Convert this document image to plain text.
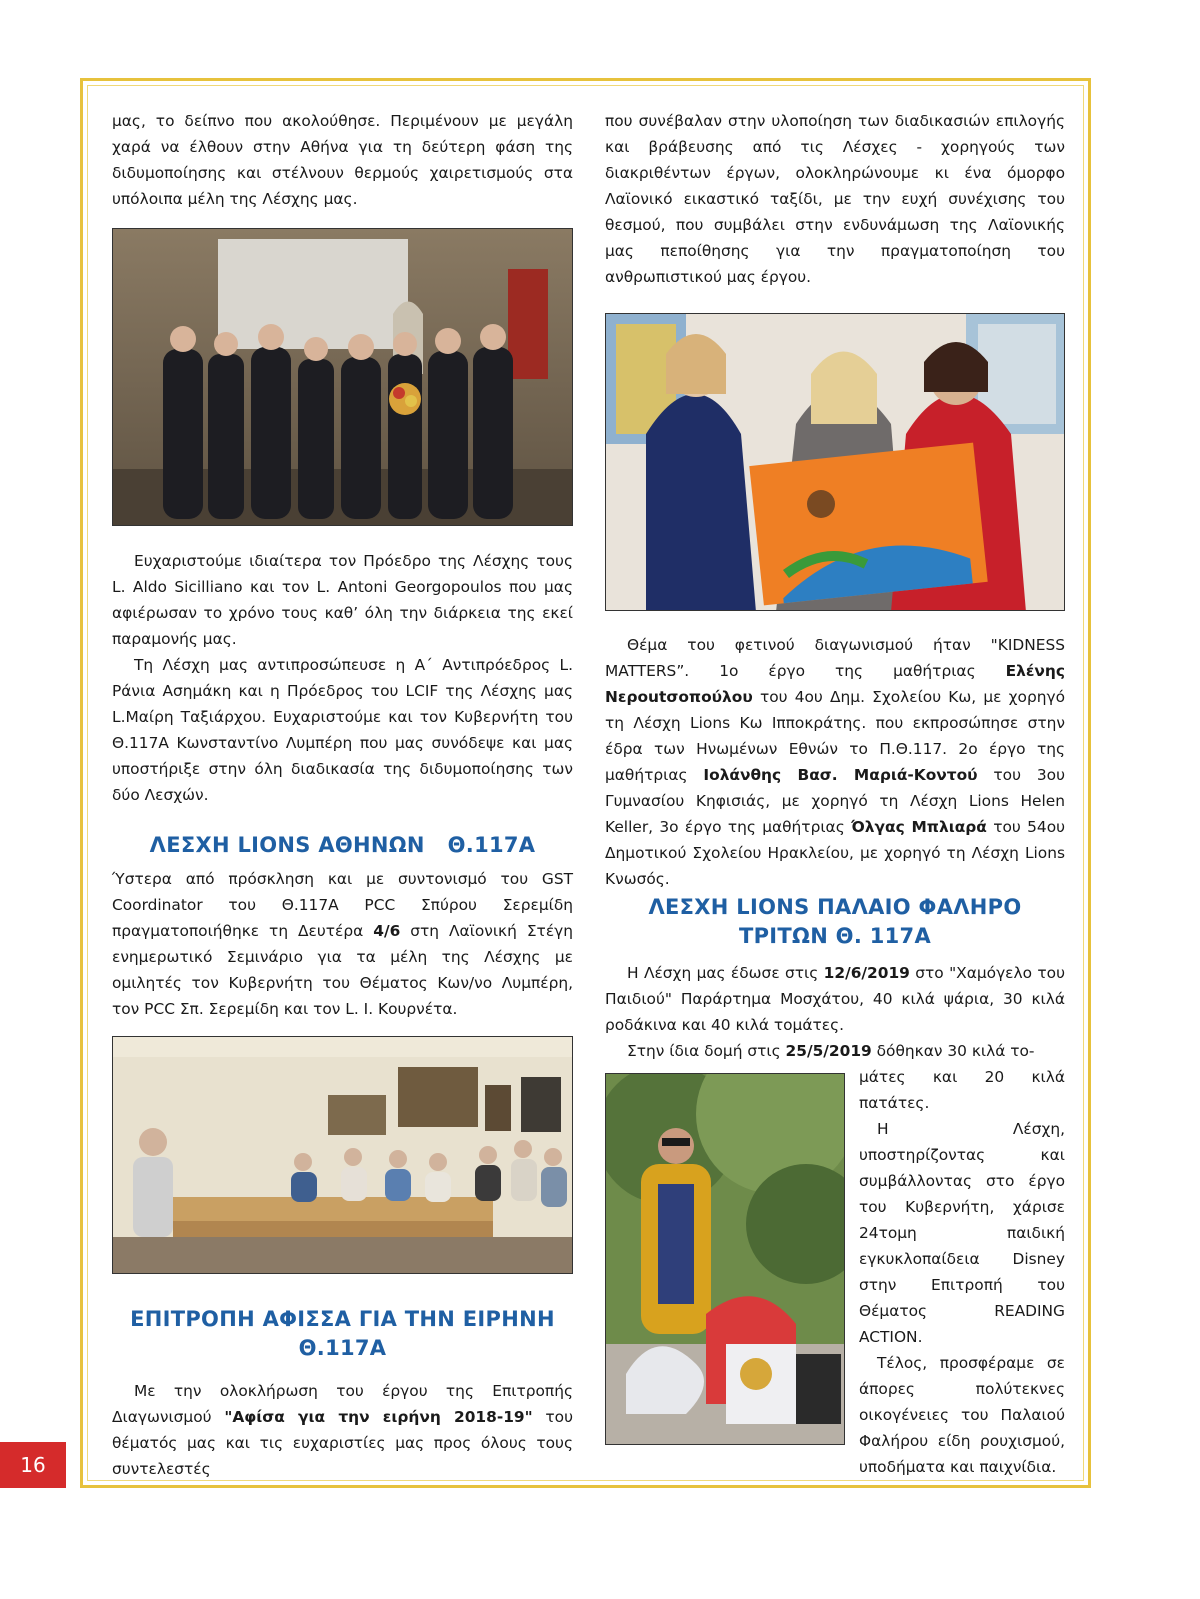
μας, το δείπνο που ακολούθησε. Περιμένουν με μεγάλη χαρά να έλθουν στην Αθήνα για τη δεύτερη φάση της διδυμοποίησης και στέλνουν θερμούς χαιρετισμούς στα υπόλοιπα μέλη της Λέσχης μας.

Ευχαριστούμε ιδιαίτερα τον Πρόεδρο της Λέσχης τους L. Aldo Sicilliano και τον L. Antoni Georgopoulos που μας αφιέρωσαν το χρόνο τους καθ’ όλη την διάρκεια της εκεί παραμονής μας.

Τη Λέσχη μας αντιπροσώπευσε η Α΄ Αντιπρόεδρος L. Ράνια Ασημάκη και η Πρόεδρος του LCIF της Λέσχης μας L.Μαίρη Ταξιάρχου. Ευχαριστούμε και τον Κυβερνήτη του Θ.117Α Κωνσταντίνο Λυμπέρη που μας συνόδεψε και μας υποστήριξε στην όλη διαδικασία της διδυμοποίησης των δύο Λεσχών.

ΛΕΣΧΗ LIONS ΑΘΗΝΩΝ   Θ.117Α

Ύστερα από πρόσκληση και με συντονισμό του GST Coordinator του Θ.117Α PCC Σπύρου Σερεμίδη πραγματοποιήθηκε τη Δευτέρα 4/6 στη Λαϊονική Στέγη ενημερωτικό Σεμινάριο για τα μέλη της Λέσχης με ομιλητές τον Κυβερνήτη του Θέματος Κων/νο Λυμπέρη, τον PCC Σπ. Σερεμίδη και τον L. I. Κουρνέτα.

ΕΠΙΤΡΟΠΗ ΑΦΙΣΣΑ ΓΙΑ ΤΗΝ ΕΙΡΗΝΗ
Θ.117Α

Με την ολοκλήρωση του έργου της Επιτροπής Διαγωνισμού "Αφίσα για την ειρήνη 2018-19" του θέματός μας και τις ευχαριστίες μας προς όλους τους συντελεστές

που συνέβαλαν στην υλοποίηση των διαδικασιών επιλογής και βράβευσης από τις Λέσχες - χορηγούς των διακριθέντων έργων, ολοκληρώνουμε κι ένα όμορφο Λαϊονικό εικαστικό ταξίδι, με την ευχή συνέχισης του θεσμού, που συμβάλει στην ενδυνάμωση της Λαϊονικής μας πεποίθησης για την πραγματοποίηση του ανθρωπιστικού μας έργου.

Θέμα του φετινού διαγωνισμού ήταν "KIDNESS MATTERS”. 1ο έργο της μαθήτριας Ελένης Νεροutσοπούλου του 4ου Δημ. Σχολείου Κω, με χορηγό τη Λέσχη Lions Κω Ιπποκράτης. που εκπροσώπησε στην έδρα των Ηνωμένων Εθνών το Π.Θ.117. 2ο έργο της μαθήτριας Ιολάνθης Βασ. Μαριά-Κοντού του 3ου Γυμνασίου Κηφισιάς, με χορηγό τη Λέσχη Lions Helen Keller, 3ο έργο της μαθήτριας Όλγας Μπλιαρά του 54ου Δημοτικού Σχολείου Ηρακλείου, με χορηγό τη Λέσχη Lions Κνωσός.

ΛΕΣΧΗ LIONS ΠΑΛΑΙΟ ΦΑΛΗΡΟ
ΤΡΙΤΩΝ Θ. 117Α

Η Λέσχη μας έδωσε στις 12/6/2019 στο "Χαμόγελο του Παιδιού" Παράρτημα Μοσχάτου, 40 κιλά ψάρια, 30 κιλά ροδάκινα και 40 κιλά τομάτες.

Στην ίδια δομή στις 25/5/2019 δόθηκαν 30 κιλά το-

μάτες και 20 κιλά πατάτες.

Η Λέσχη, υποστηρίζοντας και συμβάλλοντας στο έργο του Κυβερνήτη, χάρισε 24τομη παιδική εγκυκλοπαίδεια Disney στην Επιτροπή του Θέματος READING ACTION.

Τέλος, προσφέραμε σε άπορες πολύτεκνες οικογένειες του Παλαιού Φαλήρου είδη ρουχισμού, υποδήματα και παιχνίδια.

16
